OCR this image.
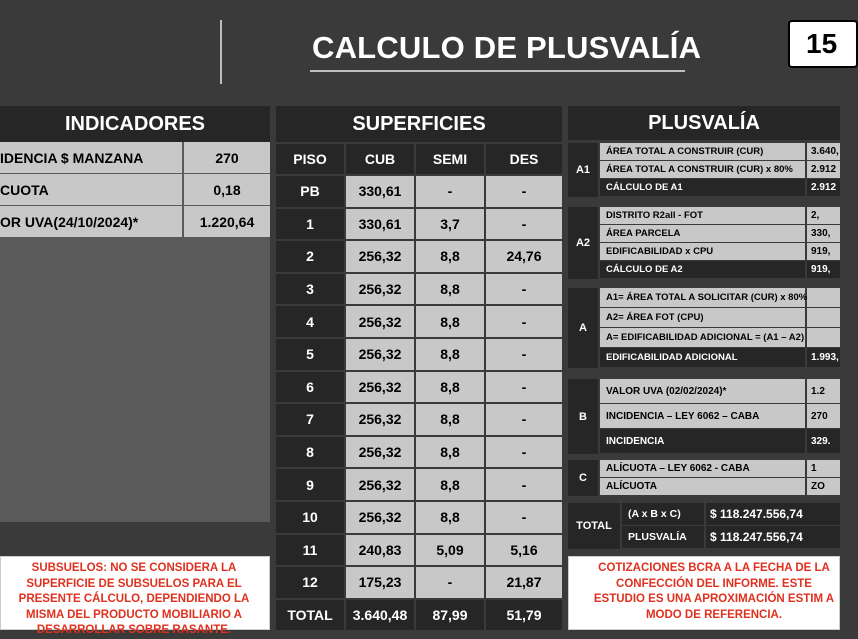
CALCULO DE PLUSVALÍA	15
INDICADORES
IDENCIA $ MANZANA	270
CUOTA	0,18
OR UVA(24/10/2024)*	1.220,64
SUBSUELOS: NO SE CONSIDERA LA SUPERFICIE DE SUBSUELOS PARA EL PRESENTE CÁLCULO, DEPENDIENDO LA MISMA DEL PRODUCTO MOBILIARIO A DESARROLLAR SOBRE RASANTE.
SUPERFICIES
PISO	CUB	SEMI	DES
PB	330,61	-	-
1	330,61	3,7	-
2	256,32	8,8	24,76
3	256,32	8,8	-
4	256,32	8,8	-
5	256,32	8,8	-
6	256,32	8,8	-
7	256,32	8,8	-
8	256,32	8,8	-
9	256,32	8,8	-
10	256,32	8,8	-
11	240,83	5,09	5,16
12	175,23	-	21,87
TOTAL	3.640,48	87,99	51,79
PLUSVALÍA
A1
ÁREA TOTAL A CONSTRUIR (CUR)	3.640,
ÁREA TOTAL A CONSTRUIR (CUR) x 80%	2.912
CÁLCULO DE A1	2.912
A2
DISTRITO R2all - FOT	2,
ÁREA PARCELA	330,
EDIFICABILIDAD x CPU	919,
CÁLCULO DE A2	919,
A
A1= ÁREA TOTAL A SOLICITAR (CUR) x 80%
A2= ÁREA FOT (CPU)
A= EDIFICABILIDAD ADICIONAL = (A1 – A2)
EDIFICABILIDAD ADICIONAL	1.993,
B
VALOR UVA (02/02/2024)*	1.2
INCIDENCIA – LEY 6062 – CABA	270
INCIDENCIA	329.
C
ALÍCUOTA – LEY 6062 - CABA	1
ALÍCUOTA	ZO
TOTAL
(A x B x C)	$ 118.247.556,74
PLUSVALÍA	$ 118.247.556,74
COTIZACIONES BCRA A LA FECHA DE LA CONFECCIÓN DEL INFORME. ESTE ESTUDIO ES UNA APROXIMACIÓN ESTIM A MODO DE REFERENCIA.
